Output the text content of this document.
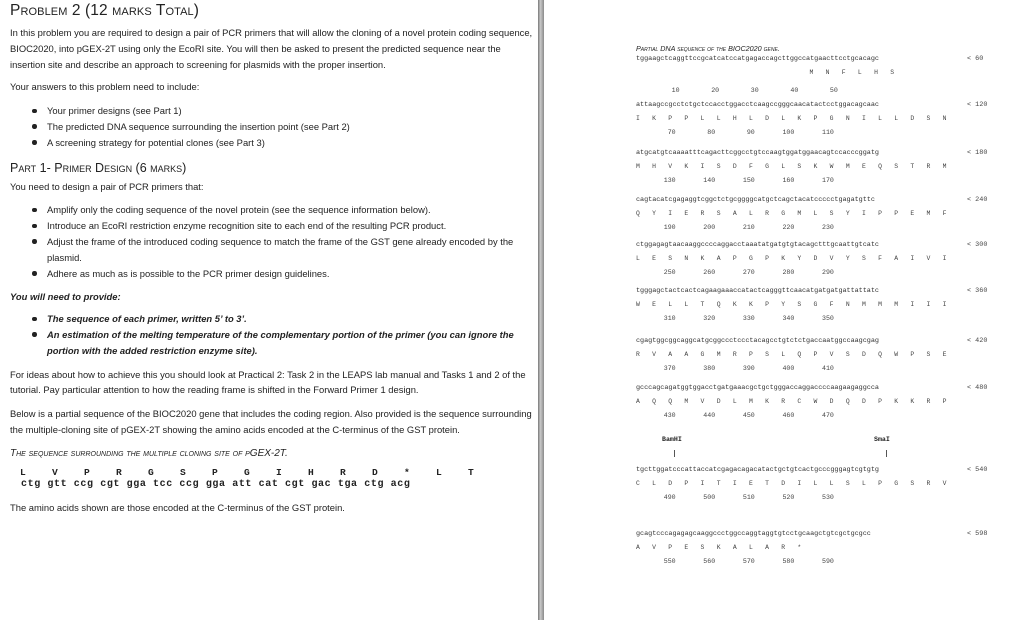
Problem 2 (12 marks Total)

In this problem you are required to design a pair of PCR primers that will allow the cloning of a novel protein coding sequence, BIOC2020, into pGEX-2T using only the EcoRI site. You will then be asked to present the predicted sequence near the insertion site and describe an approach to screening for plasmids with the proper insertion.

Your answers to this problem need to include:

Your primer designs (see Part 1)
The predicted DNA sequence surrounding the insertion point (see Part 2)
A screening strategy for potential clones (see Part 3)
Part 1- Primer Design (6 marks)

You need to design a pair of PCR primers that:

Amplify only the coding sequence of the novel protein (see the sequence information below).
Introduce an EcoRI restriction enzyme recognition site to each end of the resulting PCR product.
Adjust the frame of the introduced coding sequence to match the frame of the GST gene already encoded by the plasmid.
Adhere as much as is possible to the PCR primer design guidelines.

You will need to provide:

The sequence of each primer, written 5’ to 3’.
An estimation of the melting temperature of the complementary portion of the primer (you can ignore the portion with the added restriction enzyme site).

For ideas about how to achieve this you should look at Practical 2: Task 2 in the LEAPS lab manual and Tasks 1 and 2 of the tutorial. Pay particular attention to how the reading frame is shifted in the Forward Primer 1 design.

Below is a partial sequence of the BIOC2020 gene that includes the coding region. Also provided is the sequence surrounding the multiple-cloning site of pGEX-2T showing the amino acids encoded at the C-terminus of the GST protein.

The sequence surrounding the multiple cloning site of pGEX-2T.
L	V	P	R	G	S	P	G	I	H	R	D	*	L	T
ctg gtt ccg cgt gga tcc ccg gga att cat cgt gac tga ctg acg

The amino acids shown are those encoded at the C-terminus of the GST protein.

Partial DNA sequence of the BIOC2020 gene.
tggaagctcaggttccgcatcatccatgagaccagcttggccatgaacttcctgcacagc	< 60
M   N   F   L   H   S
10        20        30        40        50
attaagccgcctctgctccacctggacctcaagccgggcaacatactcctggacagcaac	< 120
I   K   P   P   L   L   H   L   D   L   K   P   G   N   I   L   L   D   S   N
70        80        90       100       110
atgcatgtcaaaatttcagacttcggcctgtccaagtggatggaacagtccacccggatg	< 180
M   H   V   K   I   S   D   F   G   L   S   K   W   M   E   Q   S   T   R   M
130       140       150       160       170
cagtacatcgagaggtcggctctgcggggcatgctcagctacatccccctgagatgttc	< 240
Q   Y   I   E   R   S   A   L   R   G   M   L   S   Y   I   P   P   E   M   F
190       200       210       220       230
ctggagagtaacaaggccccaggacctaaatatgatgtgtacagctttgcaattgtcatc	< 300
L   E   S   N   K   A   P   G   P   K   Y   D   V   Y   S   F   A   I   V   I
250       260       270       280       290
tgggagctactcactcagaagaaaccatactcagggttcaacatgatgatgattattatc	< 360
W   E   L   L   T   Q   K   K   P   Y   S   G   F   N   M   M   M   I   I   I
310       320       330       340       350
cgagtggcggcaggcatgcggccctccctacagcctgtctctgaccaatggccaagcgag	< 420
R   V   A   A   G   M   R   P   S   L   Q   P   V   S   D   Q   W   P   S   E
370       380       390       400       410
gcccagcagatggtggacctgatgaaacgctgctgggaccaggaccccaagaagaggcca	< 480
A   Q   Q   M   V   D   L   M   K   R   C   W   D   Q   D   P   K   K   R   P
430       440       450       460       470
tgcttggatcccattaccatcgagacagacatactgctgtcactgcccgggagtcgtgtg	< 540
C   L   D   P   I   T   I   E   T   D   I   L   L   S   L   P   G   S   R   V
490       500       510       520       530
gcagtcccagagagcaaggccctggccaggtaggtgtcctgcaagctgtcgctgcgcc	< 598
A   V   P   E   S   K   A   L   A   R   *
550       560       570       580       590
BamHI	SmaI
